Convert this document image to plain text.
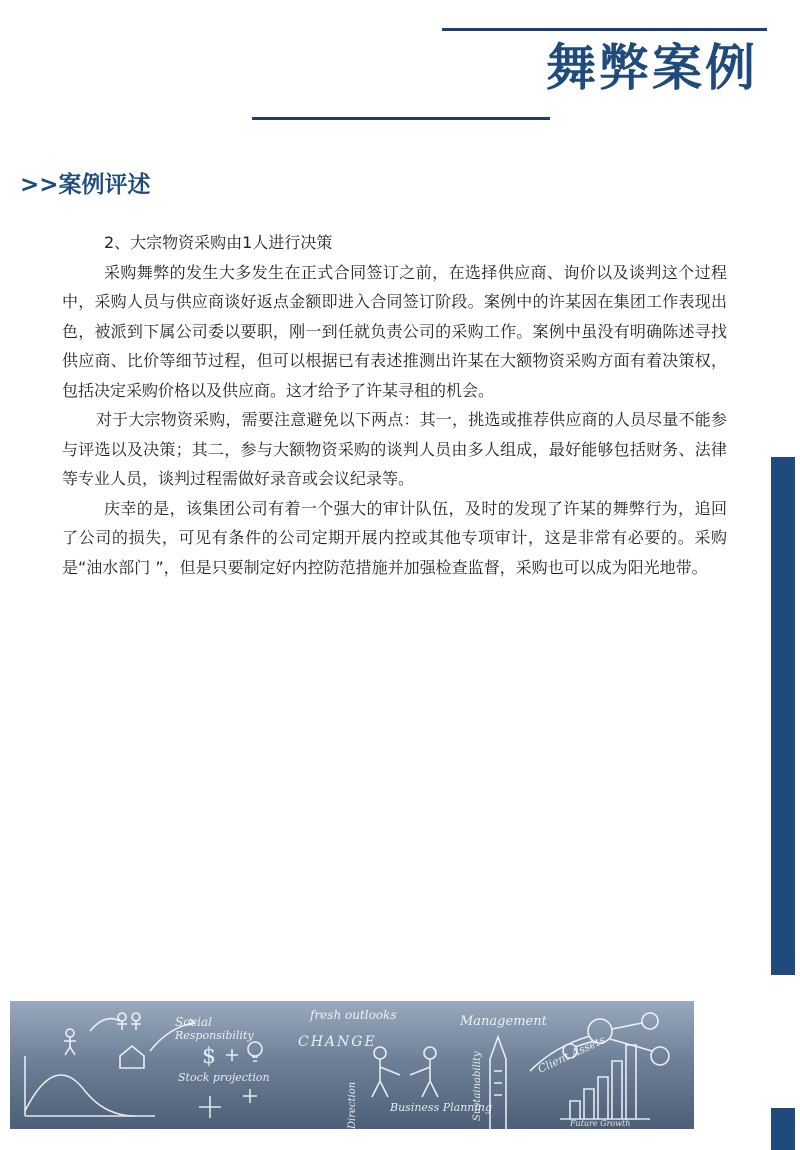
舞弊案例
>>案例评述

2、大宗物资采购由1人进行决策

采购舞弊的发生大多发生在正式合同签订之前，在选择供应商、询价以及谈判这个过程中，采购人员与供应商谈好返点金额即进入合同签订阶段。案例中的许某因在集团工作表现出色，被派到下属公司委以要职，刚一到任就负责公司的采购工作。案例中虽没有明确陈述寻找供应商、比价等细节过程，但可以根据已有表述推测出许某在大额物资采购方面有着决策权，包括决定采购价格以及供应商。这才给予了许某寻租的机会。

对于大宗物资采购，需要注意避免以下两点：其一，挑选或推荐供应商的人员尽量不能参与评选以及决策；其二，参与大额物资采购的谈判人员由多人组成，最好能够包括财务、法律等专业人员，谈判过程需做好录音或会议纪录等。

庆幸的是，该集团公司有着一个强大的审计队伍，及时的发现了许某的舞弊行为，追回了公司的损失，可见有条件的公司定期开展内控或其他专项审计，这是非常有必要的。采购是“油水部门 ”，但是只要制定好内控防范措施并加强检查监督，采购也可以成为阳光地带。

$
Social
Responsibility
fresh outlooks	Management
CHANGE
Stock projection
Business Planning
Sustainability	Client Assets
Future Growth
Direction
